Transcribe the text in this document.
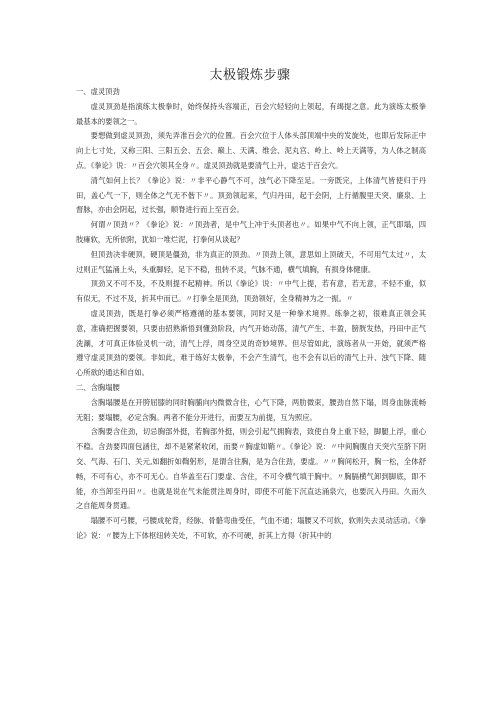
太极锻炼步骤

一、虚灵顶劲

虚灵顶劲是指演练太极拳时，始终保持头容端正，百会穴轻轻向上领起，有竭提之意。此为演练太极拳最基本的要领之一。

要想做到虚灵顶劲，须先弄准百会穴的位置。百会穴位于人体头部顶端中央的发旋处，也即后发际正中向上七寸处，又称三阳、三阳五会、五会、巅上、天满、维会、泥丸宫、岭上、岭上天满等，为人体之制高点。《拳论》说：〃百会穴领其全身〃。虚灵顶劲就是要清气上升，虚达于百会穴。

清气如何上长？《拳论》说：〃非平心静气不可，浊气必下降至足。一旁既完，上体清气皆使归于丹田，盖心气一下，则全体之气无不偕下〃。顶劲领起来，气归丹田，起于会阴，上行循腹里天突、廉泉、上督脉，亦由会阴起，过长强，顺脊进行而上至百会。

何谓〃顶劲〃？《拳论》说：〃顶劲者，是中气上冲于头顶者也〃。如果中气不向上领，正气即塌，四肢瘫软，无所依附，犹如一堆烂泥，打拳何从谈起？

但顶劲决非硬顶，硬顶是僵劲，非为真正的顶劲。〃顶劲上领，意思如上顶破天，不可用气太过〃，太过则正气猛涌上头，头重脚轻，足下不稳，扭转不灵，气脉不通，横气填胸，有损身体健康。

顶劲又不可不及，不及则提不起精神。所以《拳论》说：〃中气上提，若有意，若无意，不轻不重，似有似无，不过不及，折其中而已。〃打拳全是顶劲，顶劲领好，全身精神为之一振。〃

虚灵顶劲，既是打拳必须严格遵循的基本要领，同时又是一种拳术境界。练拳之初，很难真正领会其意，准确把握要领，只要由招熟渐悟到懂劲阶段，内气开始动荡，清气产生、丰盈，膀胱发热，丹田中正气洗涮，才可真正体验灵机一动，清气上浮，周身空灵的奇妙境界。但尽管如此，演练者从一开始，就须严格遵守虚灵顶劲的要领。非如此，难于练好太极拳，不会产生清气，也不会有以后的清气上升、浊气下降、随心所欲的通达和自如。

二、含胸塌腰

含胸塌腰是在开胯屈膝的同时胸脯向内微微含住，心气下降，两肋微束，腰劲自然下塌，周身血脉流畅无阻；要塌腰，必定含胸。两者不能分开进行，而要互为前提，互为照应。

含胸要含住劲，切忌胸部外挺，若胸部外挺，则会引起气拥胸表，致使自身上重下轻，脚腿上浮，重心不稳。含劲要四面包涵住，却不是紧紧收闭，而要〃胸虚如鞘〃。《拳论》说：〃中间胸腹自天突穴至脐下阴交、气海、石门、关元,如翻折如鞫躬形，是谓含住胸，是为合住劲，要虚。〃〃胸间松开，胸一松，全体舒畅，不可有心，亦不可无心。自华盖至石门要虚、含住，不可令横气填于胸中。〃胸膈横气卸到脚底，即不能，亦当卸至丹田〃。也就是说在气未能贯注周身时，即使不可能下沉直达涌泉穴，也要沉入丹田。久而久之自能周身贯通。

塌腰不可弓腰，弓腰成驼背，经脉、骨骼弯曲受任，气血不通；塌腰又不可软，软则失去灵动活动。《拳论》说：〃腰为上下体枢纽转关处，不可软，亦不可硬，折其上方得（折其中的
